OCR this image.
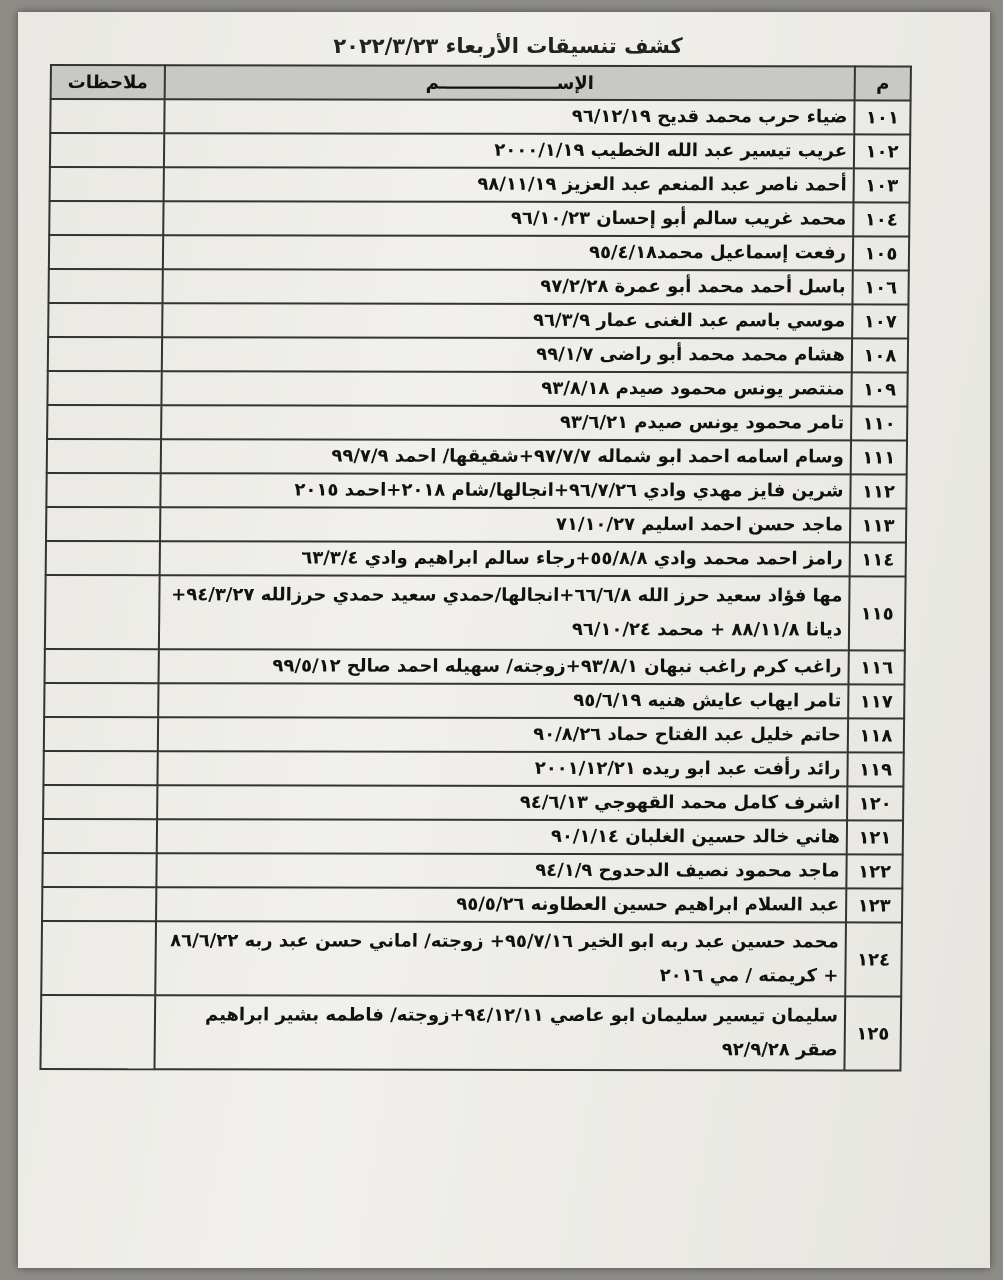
كشف تنسيقات الأربعاء ٢٠٢٢/٣/٢٣
م	الإســـــــــــــــــــم	ملاحظات
١٠١	ضياء حرب محمد قديح ٩٦/١٢/١٩	
١٠٢	عريب تيسير عبد الله الخطيب ٢٠٠٠/١/١٩	
١٠٣	أحمد ناصر عبد المنعم عبد العزيز ٩٨/١١/١٩	
١٠٤	محمد غريب سالم أبو إحسان ٩٦/١٠/٢٣	
١٠٥	رفعت إسماعيل محمد٩٥/٤/١٨	
١٠٦	باسل أحمد محمد أبو عمرة ٩٧/٢/٢٨	
١٠٧	موسي باسم عبد الغنى عمار ٩٦/٣/٩	
١٠٨	هشام محمد محمد أبو راضى ٩٩/١/٧	
١٠٩	منتصر يونس محمود صيدم ٩٣/٨/١٨	
١١٠	تامر محمود يونس صيدم ٩٣/٦/٢١	
١١١	وسام اسامه احمد ابو شماله ٩٧/٧/٧+شقيقها/ احمد ٩٩/٧/٩	
١١٢	شرين فايز مهدي وادي ٩٦/٧/٢٦+انجالها/شام ٢٠١٨+احمد ٢٠١٥	
١١٣	ماجد حسن احمد اسليم ٧١/١٠/٢٧	
١١٤	رامز احمد محمد وادي ٥٥/٨/٨+رجاء سالم ابراهيم وادي ٦٣/٣/٤	
١١٥	مها فؤاد سعيد حرز الله ٦٦/٦/٨+انجالها/حمدي سعيد حمدي حرزالله ٩٤/٣/٢٧+ ديانا ٨٨/١١/٨ + محمد ٩٦/١٠/٢٤	
١١٦	راغب كرم راغب نبهان ٩٣/٨/١+زوجته/ سهيله احمد صالح ٩٩/٥/١٢	
١١٧	تامر ايهاب عايش هنيه ٩٥/٦/١٩	
١١٨	حاتم خليل عبد الفتاح حماد ٩٠/٨/٢٦	
١١٩	رائد رأفت عبد ابو ريده ٢٠٠١/١٢/٢١	
١٢٠	اشرف كامل محمد القهوجي ٩٤/٦/١٣	
١٢١	هاني خالد حسين الغلبان ٩٠/١/١٤	
١٢٢	ماجد محمود نصيف الدحدوح ٩٤/١/٩	
١٢٣	عبد السلام ابراهيم حسين العطاونه ٩٥/٥/٢٦	
١٢٤	محمد حسين عبد ربه ابو الخير ٩٥/٧/١٦+ زوجته/ اماني حسن عبد ربه ٨٦/٦/٢٢ + كريمته / مي ٢٠١٦	
١٢٥	سليمان تيسير سليمان ابو عاصي ٩٤/١٢/١١+زوجته/ فاطمه بشير ابراهيم صقر ٩٢/٩/٢٨	
